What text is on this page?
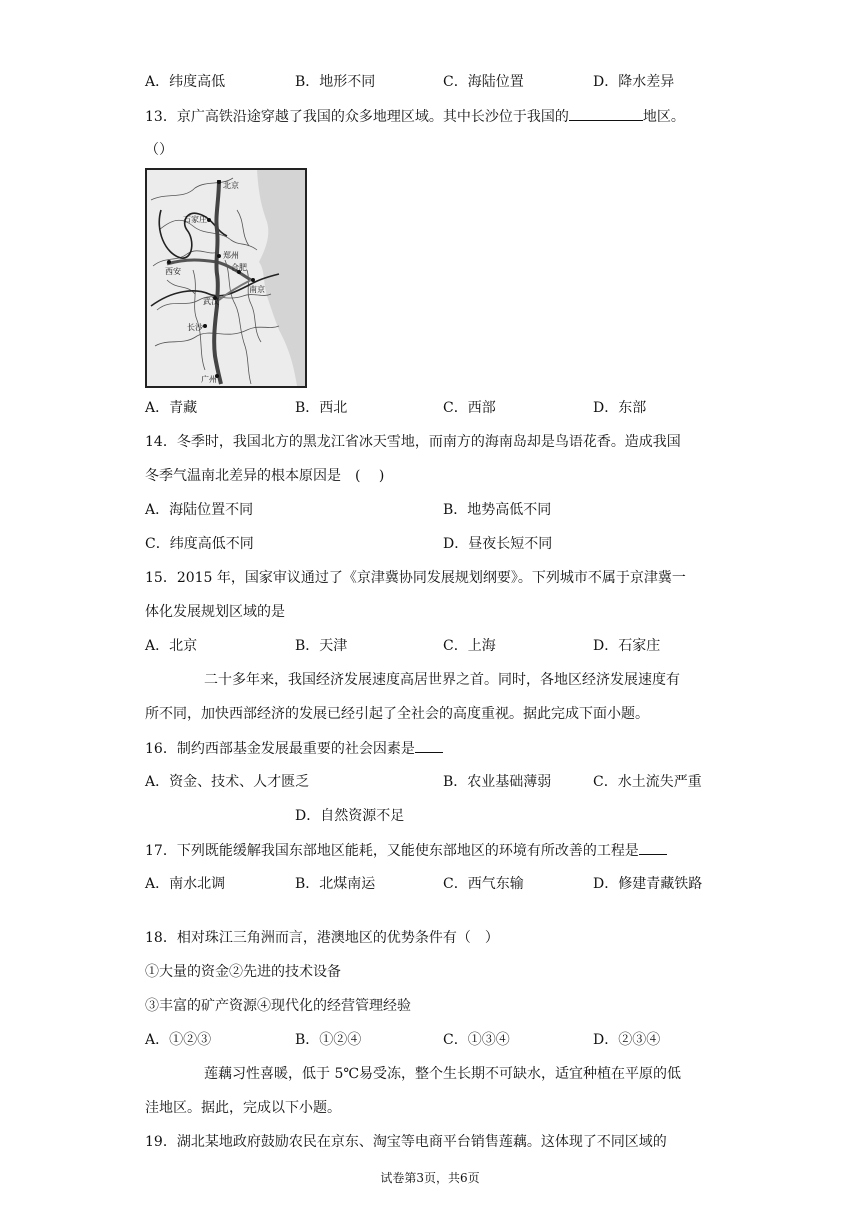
A．纬度高低	B．地形不同	C．海陆位置	D．降水差异
13．京广高铁沿途穿越了我国的众多地理区域。其中长沙位于我国的	地区。
（）
北京
石家庄
郑州
西安	合肥
南京
武汉
长沙
广州
A．青藏	B．西北	C．西部	D．东部
14．冬季时，我国北方的黑龙江省冰天雪地，而南方的海南岛却是鸟语花香。造成我国
冬季气温南北差异的根本原因是　(　 )
A．海陆位置不同	B．地势高低不同
C．纬度高低不同	D．昼夜长短不同
15．2015 年，国家审议通过了《京津冀协同发展规划纲要》。下列城市不属于京津冀一
体化发展规划区域的是
A．北京	B．天津	C．上海	D．石家庄
二十多年来，我国经济发展速度高居世界之首。同时，各地区经济发展速度有
所不同，加快西部经济的发展已经引起了全社会的高度重视。据此完成下面小题。
16．制约西部基金发展最重要的社会因素是
A．资金、技术、人才匮乏	B．农业基础薄弱	C．水土流失严重
D．自然资源不足
17．下列既能缓解我国东部地区能耗，又能使东部地区的环境有所改善的工程是
A．南水北调	B．北煤南运	C．西气东输	D．修建青藏铁路
18．相对珠江三角洲而言，港澳地区的优势条件有（　）
①大量的资金②先进的技术设备
③丰富的矿产资源④现代化的经营管理经验
A．①②③	B．①②④	C．①③④	D．②③④
莲藕习性喜暖，低于 5℃易受冻，整个生长期不可缺水，适宜种植在平原的低
洼地区。据此，完成以下小题。
19．湖北某地政府鼓励农民在京东、淘宝等电商平台销售莲藕。这体现了不同区域的
试卷第3页，共6页
